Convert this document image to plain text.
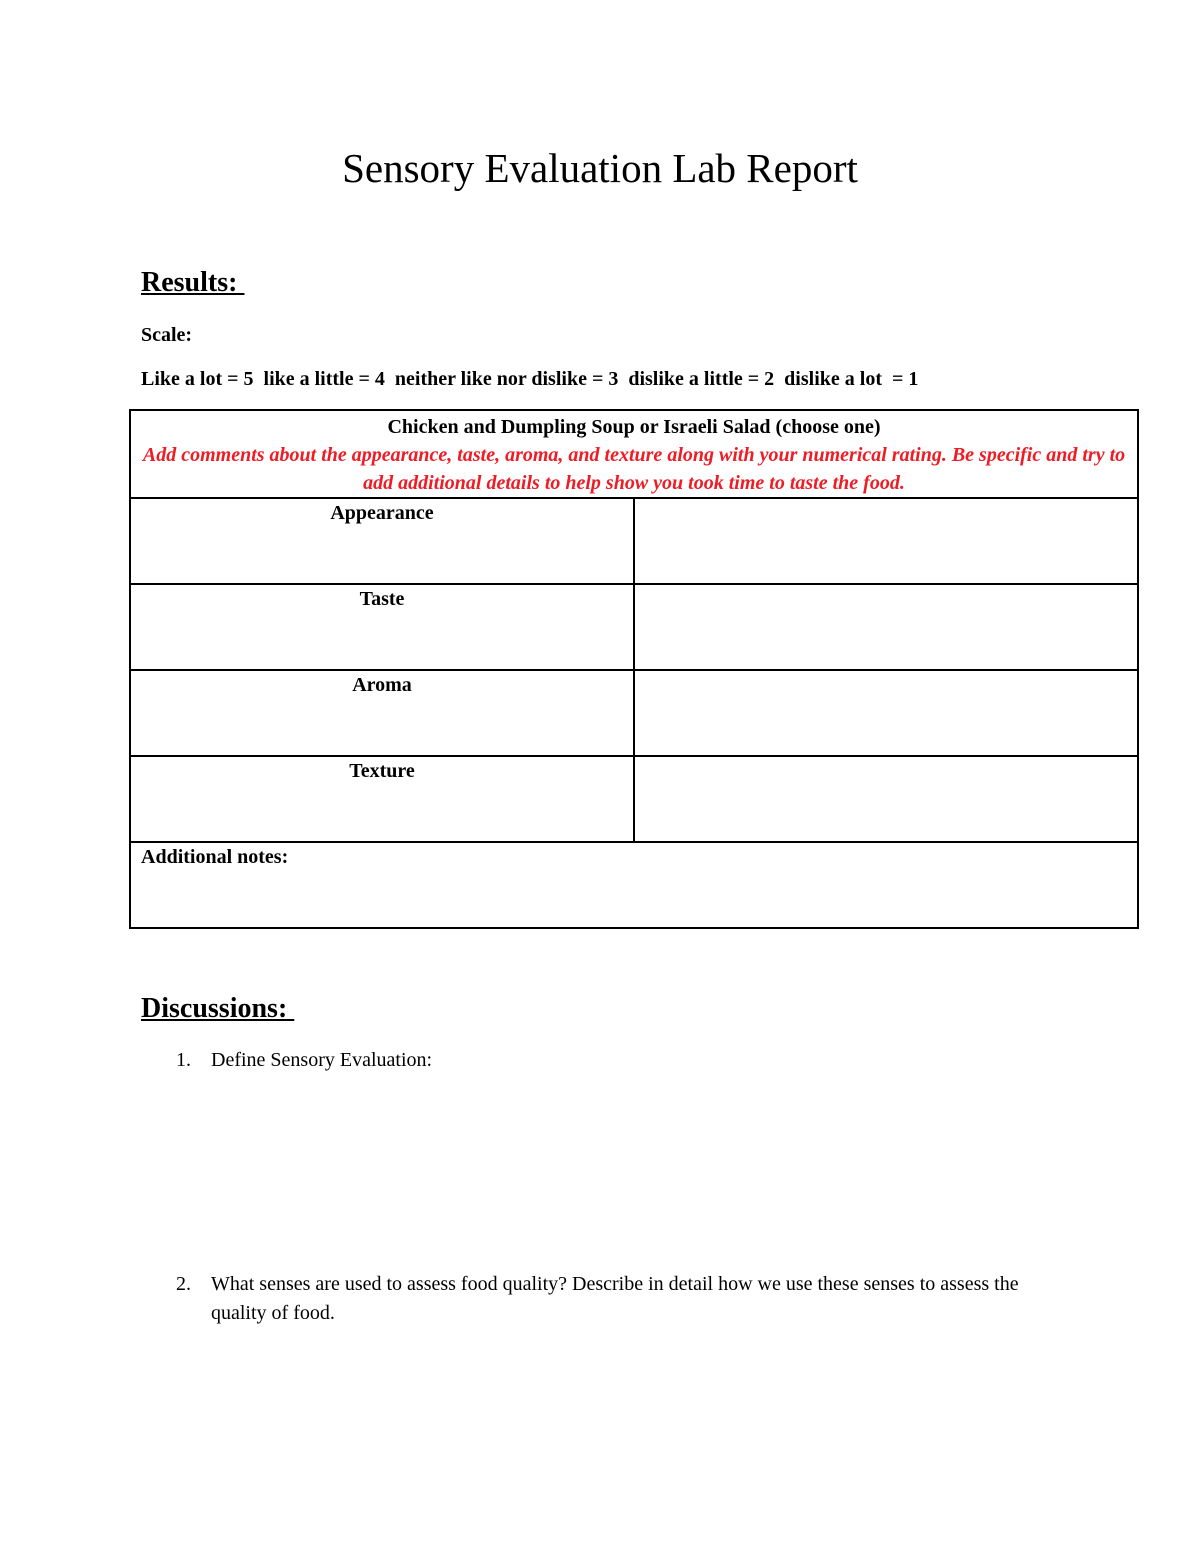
Sensory Evaluation Lab Report
Results:
Scale:
Like a lot = 5  like a little = 4  neither like nor dislike = 3  dislike a little = 2  dislike a lot  = 1
Chicken and Dumpling Soup or Israeli Salad (choose one)
Add comments about the appearance, taste, aroma, and texture along with your numerical rating. Be specific and try to add additional details to help show you took time to taste the food.	

Appearance	

Taste	

Aroma	

Texture	

Additional notes:	
Discussions:
1. Define Sensory Evaluation:
2. What senses are used to assess food quality? Describe in detail how we use these senses to assess the quality of food.
